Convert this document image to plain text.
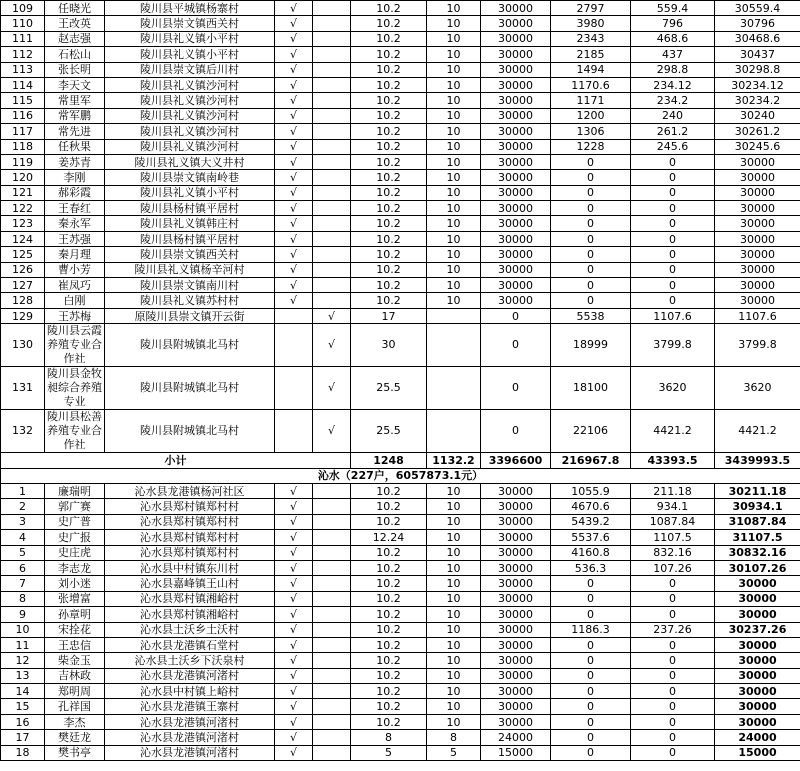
109	任晓光	陵川县平城镇杨寨村	√		10.2	10	30000	2797	559.4	30559.4
110	王改英	陵川县崇文镇西关村	√		10.2	10	30000	3980	796	30796
111	赵志强	陵川县礼义镇小平村	√		10.2	10	30000	2343	468.6	30468.6
112	石松山	陵川县礼义镇小平村	√		10.2	10	30000	2185	437	30437
113	张长明	陵川县崇文镇后川村	√		10.2	10	30000	1494	298.8	30298.8
114	李天文	陵川县礼义镇沙河村	√		10.2	10	30000	1170.6	234.12	30234.12
115	常里军	陵川县礼义镇沙河村	√		10.2	10	30000	1171	234.2	30234.2
116	常军鹏	陵川县礼义镇沙河村	√		10.2	10	30000	1200	240	30240
117	常先进	陵川县礼义镇沙河村	√		10.2	10	30000	1306	261.2	30261.2
118	任秋果	陵川县礼义镇沙河村	√		10.2	10	30000	1228	245.6	30245.6
119	姜苏青	陵川县礼义镇大义井村	√		10.2	10	30000	0	0	30000
120	李刚	陵川县崇文镇南岭巷	√		10.2	10	30000	0	0	30000
121	郝彩霞	陵川县礼义镇小平村	√		10.2	10	30000	0	0	30000
122	王春红	陵川县杨村镇平居村	√		10.2	10	30000	0	0	30000
123	秦永军	陵川县礼义镇韩庄村	√		10.2	10	30000	0	0	30000
124	王苏强	陵川县杨村镇平居村	√		10.2	10	30000	0	0	30000
125	秦月理	陵川县崇文镇西关村	√		10.2	10	30000	0	0	30000
126	曹小芳	陵川县礼义镇杨辛河村	√		10.2	10	30000	0	0	30000
127	崔凤巧	陵川县崇文镇南川村	√		10.2	10	30000	0	0	30000
128	白刚	陵川县礼义镇苏村村	√		10.2	10	30000	0	0	30000
129	王苏梅	原陵川县崇文镇开云街		√	17		0	5538	1107.6	1107.6
130	陵川县云霞养殖专业合作社	陵川县附城镇北马村		√	30		0	18999	3799.8	3799.8
131	陵川县金牧昶综合养殖专业	陵川县附城镇北马村		√	25.5		0	18100	3620	3620
132	陵川县松善养殖专业合作社	陵川县附城镇北马村		√	25.5		0	22106	4421.2	4421.2
小计					1248	1132.2	3396600	216967.8	43393.5	3439993.5
沁水（227户，6057873.1元）										
1	廉瑞明	沁水县龙港镇杨河社区	√		10.2	10	30000	1055.9	211.18	30211.18
2	郭广赛	沁水县郑村镇郑村村	√		10.2	10	30000	4670.6	934.1	30934.1
3	史广普	沁水县郑村镇郑村村	√		10.2	10	30000	5439.2	1087.84	31087.84
4	史广报	沁水县郑村镇郑村村	√		12.24	10	30000	5537.6	1107.5	31107.5
5	史庄虎	沁水县郑村镇郑村村	√		10.2	10	30000	4160.8	832.16	30832.16
6	李志龙	沁水县中村镇东川村	√		10.2	10	30000	536.3	107.26	30107.26
7	刘小迷	沁水县嘉峰镇王山村	√		10.2	10	30000	0	0	30000
8	张增富	沁水县郑村镇湘峪村	√		10.2	10	30000	0	0	30000
9	孙章明	沁水县郑村镇湘峪村	√		10.2	10	30000	0	0	30000
10	宋拴花	沁水县土沃乡土沃村	√		10.2	10	30000	1186.3	237.26	30237.26
11	王忠信	沁水县龙港镇石堂村	√		10.2	10	30000	0	0	30000
12	柴金玉	沁水县土沃乡下沃泉村	√		10.2	10	30000	0	0	30000
13	吉林政	沁水县龙港镇河渚村	√		10.2	10	30000	0	0	30000
14	郑明周	沁水县中村镇上峪村	√		10.2	10	30000	0	0	30000
15	孔祥国	沁水县龙港镇王寨村	√		10.2	10	30000	0	0	30000
16	李杰	沁水县龙港镇河渚村	√		10.2	10	30000	0	0	30000
17	樊廷龙	沁水县龙港镇河渚村	√		8	8	24000	0	0	24000
18	樊书亭	沁水县龙港镇河渚村	√		5	5	15000	0	0	15000
